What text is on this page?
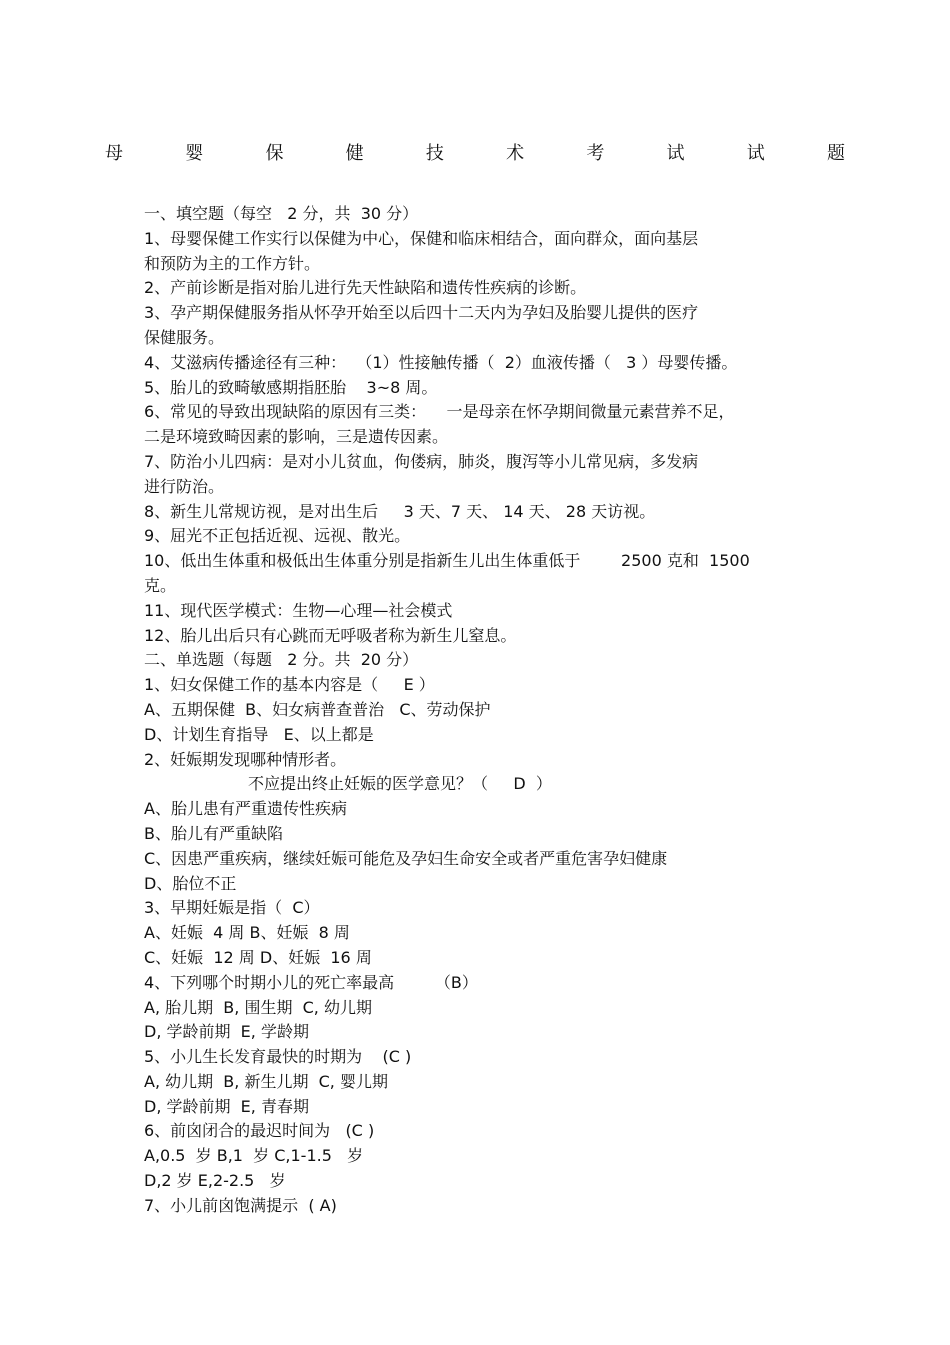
母	婴	保	健	技	术	考	试	试	题
一、填空题（每空   2 分，共  30 分）
1、母婴保健工作实行以保健为中心，保健和临床相结合，面向群众，面向基层
和预防为主的工作方针。
2、产前诊断是指对胎儿进行先天性缺陷和遗传性疾病的诊断。
3、孕产期保健服务指从怀孕开始至以后四十二天内为孕妇及胎婴儿提供的医疗
保健服务。
4、艾滋病传播途径有三种：  （1）性接触传播（  2）血液传播（   3 ）母婴传播。
5、胎儿的致畸敏感期指胚胎    3~8 周。
6、常见的导致出现缺陷的原因有三类：    一是母亲在怀孕期间微量元素营养不足，
二是环境致畸因素的影响，三是遗传因素。
7、防治小儿四病：是对小儿贫血，佝偻病，肺炎，腹泻等小儿常见病，多发病
进行防治。
8、新生儿常规访视，是对出生后     3 天、7 天、 14 天、 28 天访视。
9、屈光不正包括近视、远视、散光。
10、低出生体重和极低出生体重分别是指新生儿出生体重低于        2500 克和  1500
克。
11、现代医学模式：生物—心理—社会模式
12、胎儿出后只有心跳而无呼吸者称为新生儿窒息。
二、单选题（每题   2 分。共  20 分）
1、妇女保健工作的基本内容是（     E ）
A、五期保健  B、妇女病普查普治   C、劳动保护
D、计划生育指导   E、以上都是
2、妊娠期发现哪种情形者。
不应提出终止妊娠的医学意见？（     D  ）
A、胎儿患有严重遗传性疾病
B、胎儿有严重缺陷
C、因患严重疾病，继续妊娠可能危及孕妇生命安全或者严重危害孕妇健康
D、胎位不正
3、早期妊娠是指（  C）
A、妊娠  4 周 B、妊娠  8 周
C、妊娠  12 周 D、妊娠  16 周
4、下列哪个时期小儿的死亡率最高        （B）
A, 胎儿期  B, 围生期  C, 幼儿期
D, 学龄前期  E, 学龄期
5、小儿生长发育最快的时期为    (C )
A, 幼儿期  B, 新生儿期  C, 婴儿期
D, 学龄前期  E, 青春期
6、前囟闭合的最迟时间为   (C )
A,0.5  岁 B,1  岁 C,1-1.5   岁
D,2 岁 E,2-2.5   岁
7、小儿前囟饱满提示  ( A)
